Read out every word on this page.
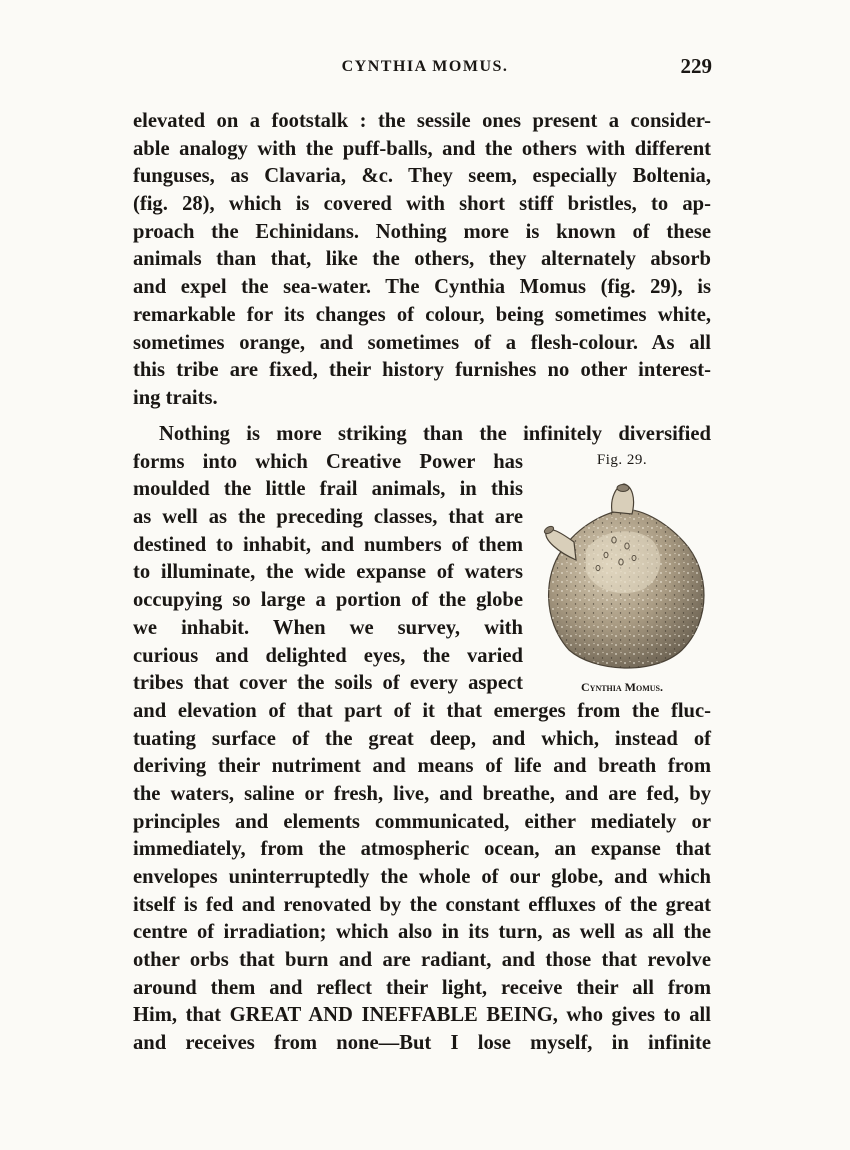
CYNTHIA MOMUS.	229
elevated on a footstalk : the sessile ones present a consider-
able analogy with the puff-balls, and the others with different
funguses, as Clavaria, &c. They seem, especially Boltenia,
(fig. 28), which is covered with short stiff bristles, to ap-
proach the Echinidans. Nothing more is known of these
animals than that, like the others, they alternately absorb
and expel the sea-water. The Cynthia Momus (fig. 29), is
remarkable for its changes of colour, being sometimes white,
sometimes orange, and sometimes of a flesh-colour. As all
this tribe are fixed, their history furnishes no other interest-
ing traits.
Nothing is more striking than the infinitely diversified
forms into which Creative Power has
moulded the little frail animals, in this
as well as the preceding classes, that are
destined to inhabit, and numbers of them
to illuminate, the wide expanse of waters
occupying so large a portion of the globe
we inhabit. When we survey, with
curious and delighted eyes, the varied
tribes that cover the soils of every aspect
and elevation of that part of it that emerges from the fluc-
tuating surface of the great deep, and which, instead of
deriving their nutriment and means of life and breath from
the waters, saline or fresh, live, and breathe, and are fed, by
principles and elements communicated, either mediately or
immediately, from the atmospheric ocean, an expanse that
envelopes uninterruptedly the whole of our globe, and which
itself is fed and renovated by the constant effluxes of the great
centre of irradiation; which also in its turn, as well as all the
other orbs that burn and are radiant, and those that revolve
around them and reflect their light, receive their all from
Him, that GREAT AND INEFFABLE BEING, who gives to all
and receives from none—But I lose myself, in infinite
Fig. 29.
Cynthia Momus.
